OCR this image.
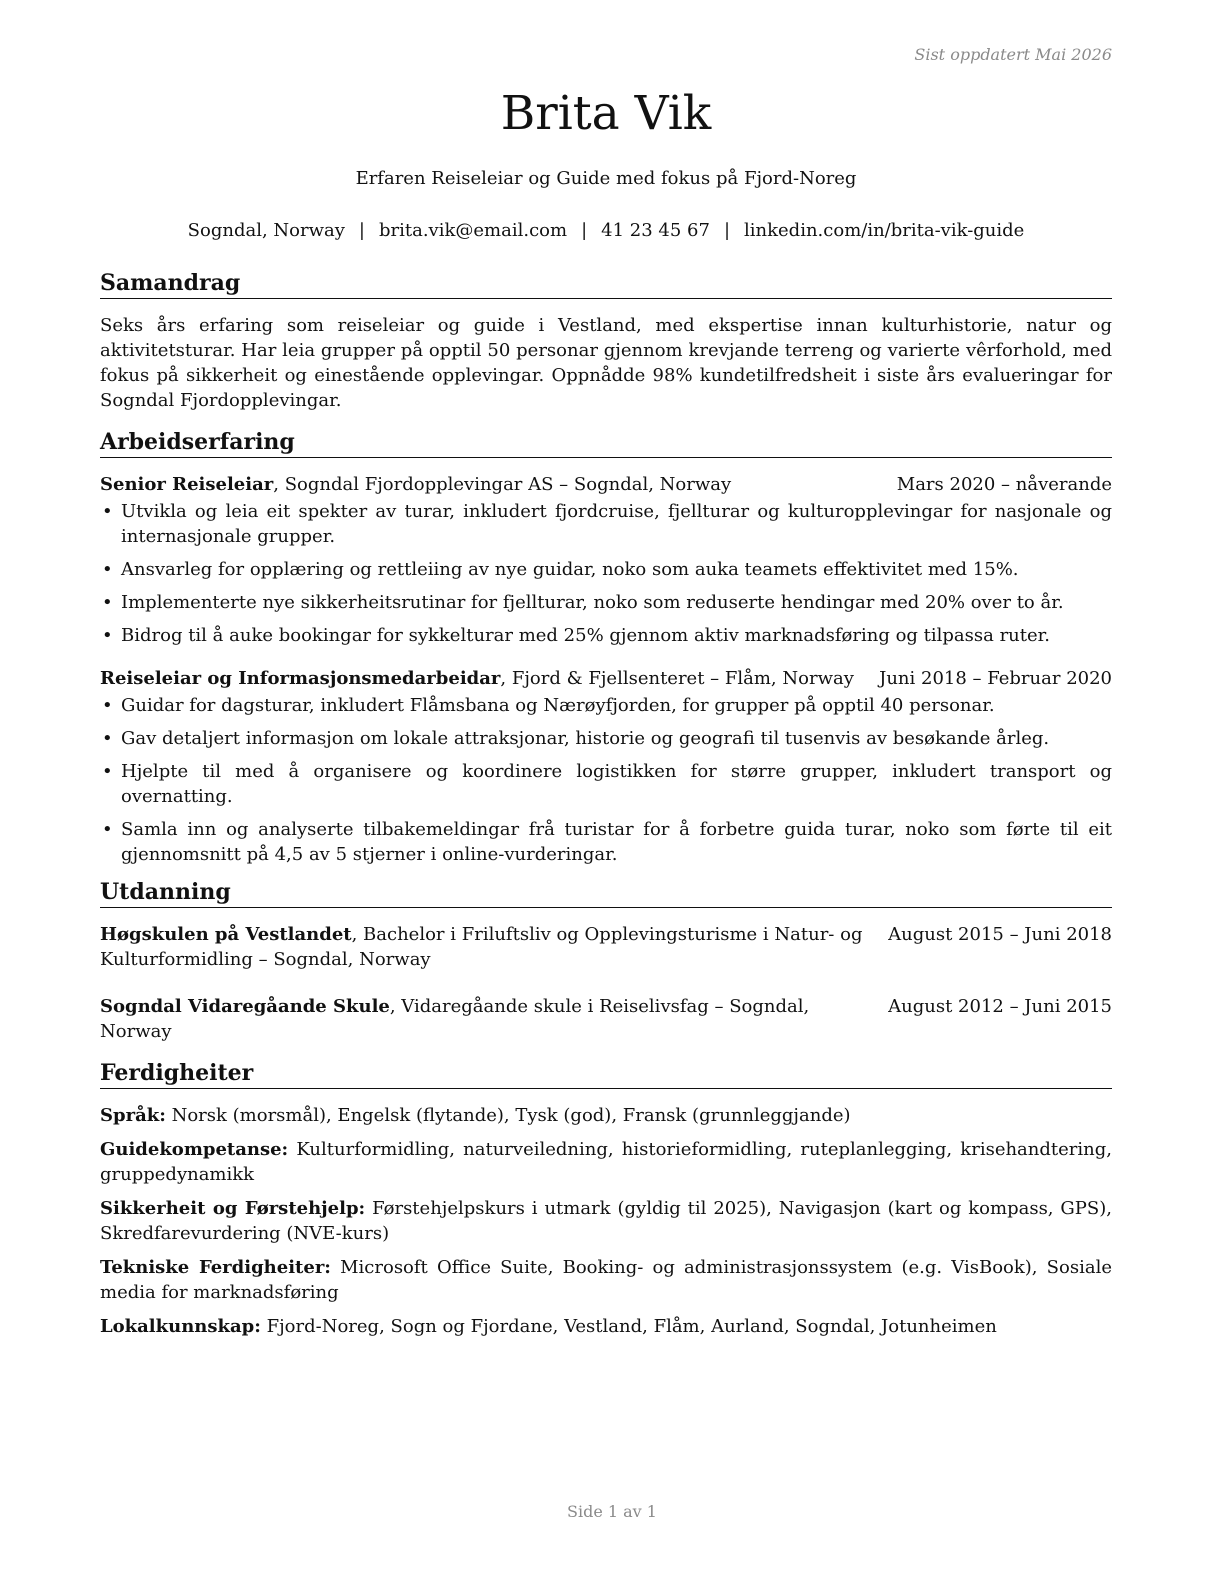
Sist oppdatert Mai 2026
Brita Vik
Erfaren Reiseleiar og Guide med fokus på Fjord-Noreg
Sogndal, Norway | brita.vik@email.com | 41 23 45 67 | linkedin.com/in/brita-vik-guide
Samandrag

Seks års erfaring som reiseleiar og guide i Vestland, med ekspertise innan kulturhistorie, natur og aktivitetsturar. Har leia grupper på opptil 50 personar gjennom krevjande terreng og varierte vêrforhold, med fokus på sikkerheit og einestående opplevingar. Oppnådde 98% kundetilfredsheit i siste års evalueringar for Sogndal Fjordopplevingar.

Arbeidserfaring
Senior Reiseleiar, Sogndal Fjordopplevingar AS – Sogndal, Norway	Mars 2020 – nåverande
• Utvikla og leia eit spekter av turar, inkludert fjordcruise, fjellturar og kulturopplevingar for nasjonale og internasjonale grupper.
• Ansvarleg for opplæring og rettleiing av nye guidar, noko som auka teamets effektivitet med 15%.
• Implementerte nye sikkerheitsrutinar for fjellturar, noko som reduserte hendingar med 20% over to år.
• Bidrog til å auke bookingar for sykkelturar med 25% gjennom aktiv marknadsføring og tilpassa ruter.
Reiseleiar og Informasjonsmedarbeidar, Fjord & Fjellsenteret – Flåm, Norway	Juni 2018 – Februar 2020
• Guidar for dagsturar, inkludert Flåmsbana og Nærøyfjorden, for grupper på opptil 40 personar.
• Gav detaljert informasjon om lokale attraksjonar, historie og geografi til tusenvis av besøkande årleg.
• Hjelpte til med å organisere og koordinere logistikken for større grupper, inkludert transport og overnatting.
• Samla inn og analyserte tilbakemeldingar frå turistar for å forbetre guida turar, noko som førte til eit gjennomsnitt på 4,5 av 5 stjerner i online-vurderingar.
Utdanning
Høgskulen på Vestlandet, Bachelor i Friluftsliv og Opplevingsturisme i Natur- og Kulturformidling – Sogndal, Norway
August 2015 – Juni 2018
Sogndal Vidaregåande Skule, Vidaregåande skule i Reiselivsfag – Sogndal, Norway
August 2012 – Juni 2015
Ferdigheiter
Språk: Norsk (morsmål), Engelsk (flytande), Tysk (god), Fransk (grunnleggjande)
Guidekompetanse: Kulturformidling, naturveiledning, historieformidling, ruteplanlegging, krisehandtering, gruppedynamikk
Sikkerheit og Førstehjelp: Førstehjelpskurs i utmark (gyldig til 2025), Navigasjon (kart og kompass, GPS), Skredfarevurdering (NVE-kurs)
Tekniske Ferdigheiter: Microsoft Office Suite, Booking- og administrasjonssystem (e.g. VisBook), Sosiale media for marknadsføring
Lokalkunnskap: Fjord-Noreg, Sogn og Fjordane, Vestland, Flåm, Aurland, Sogndal, Jotunheimen
Side 1 av 1
